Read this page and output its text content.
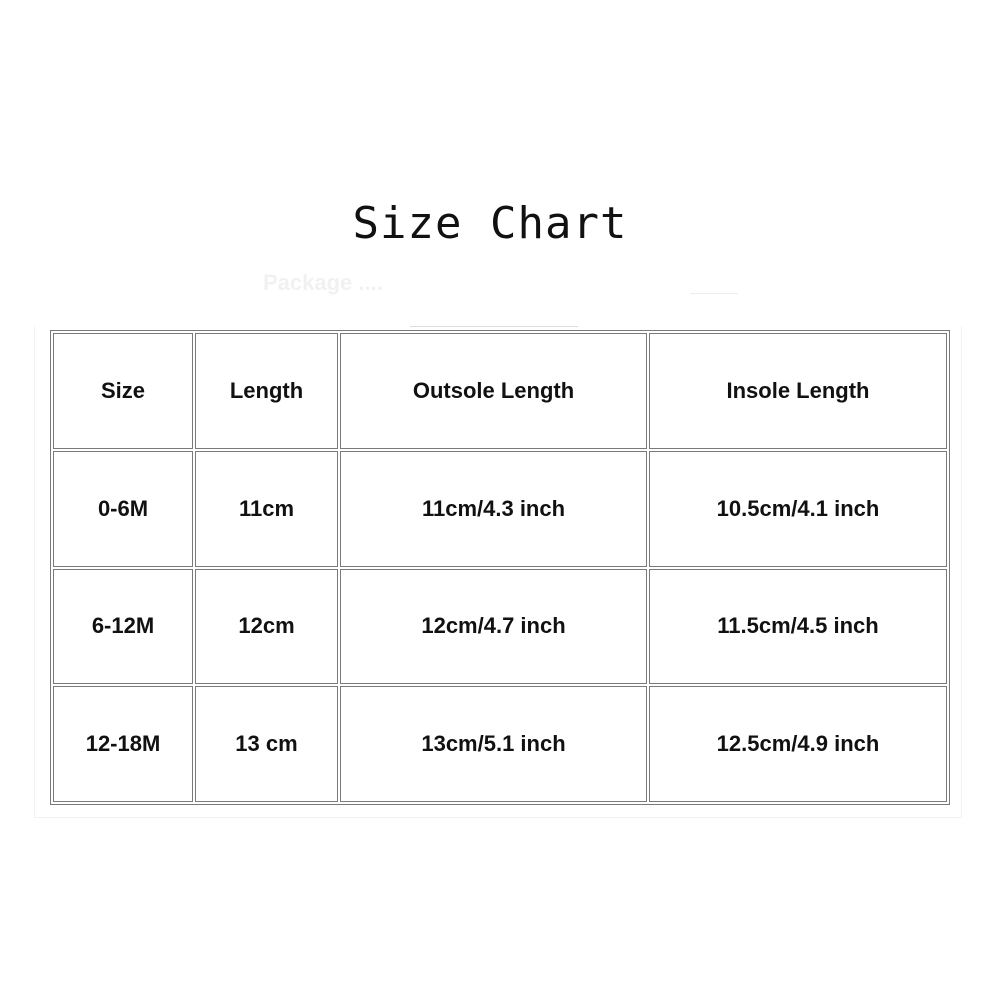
Size Chart
Package ....
Size	Length	Outsole Length	Insole Length
0-6M	11cm	11cm/4.3 inch	10.5cm/4.1 inch
6-12M	12cm	12cm/4.7 inch	11.5cm/4.5 inch
12-18M	13 cm	13cm/5.1 inch	12.5cm/4.9 inch
